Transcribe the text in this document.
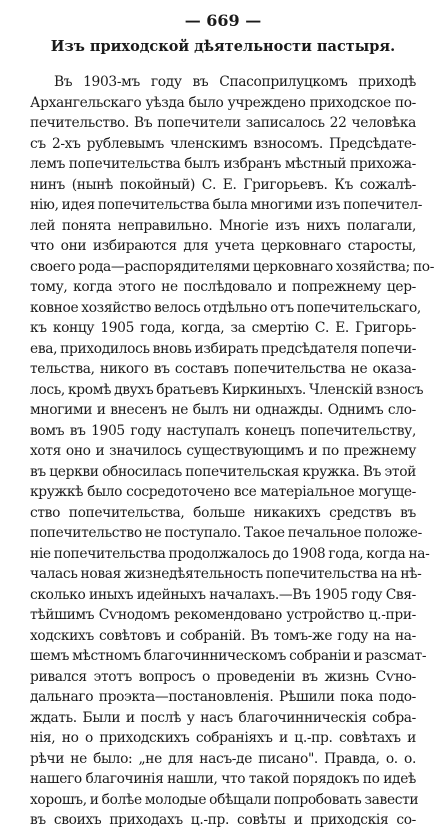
— 669 —
Изъ приходской дѣятельности пастыря.
Въ 1903-мъ году въ Спасоприлуцкомъ приходѣ
Архангельскаго уѣзда было учреждено приходское по-
печительство. Въ попечители записалось 22 человѣка
съ 2-хъ рублевымъ членскимъ взносомъ. Предсѣдате-
лемъ попечительства былъ избранъ мѣстный прихожа-
нинъ (нынѣ покойный) С. Е. Григорьевъ. Къ сожалѣ-
нію, идея попечительства была многими изъ попечител-
лей понята неправильно. Многіе изъ нихъ полагали,
что они избираются для учета церковнаго старосты,
своего рода—распорядителями церковнаго хозяйства; по-
тому, когда этого не послѣдовало и попрежнему цер-
ковное хозяйство велось отдѣльно отъ попечительскаго,
къ концу 1905 года, когда, за смертію С. Е. Григорь-
ева, приходилось вновь избирать предсѣдателя попечи-
тельства, никого въ составъ попечительства не оказа-
лось, кромѣ двухъ братьевъ Киркиныхъ. Членскій взносъ
многими и внесенъ не былъ ни однажды. Однимъ сло-
вомъ въ 1905 году наступалъ конецъ попечительству,
хотя оно и значилось существующимъ и по прежнему
въ церкви обносилась попечительская кружка. Въ этой
кружкѣ было сосредоточено все матеріальное могуще-
ство попечительства, больше никакихъ средствъ въ
попечительство не поступало. Такое печальное положе-
ніе попечительства продолжалось до 1908 года, когда на-
чалась новая жизнедѣятельность попечительства на нѣ-
сколько иныхъ идейныхъ началахъ.—Въ 1905 году Свя-
тѣйшимъ Сѵнодомъ рекомендовано устройство ц.-при-
ходскихъ совѣтовъ и собраній. Въ томъ-же году на на-
шемъ мѣстномъ благочинническомъ собраніи и разсмат-
ривался этотъ вопросъ о проведеніи въ жизнь Сѵно-
дальнаго проэкта—постановленія. Рѣшили пока подо-
ждать. Были и послѣ у насъ благочинническія собра-
нія, но о приходскихъ собраніяхъ и ц.-пр. совѣтахъ и
рѣчи не было: „не для насъ-де писано". Правда, о. о.
нашего благочинія нашли, что такой порядокъ по идеѣ
хорошъ, и болѣе молодые обѣщали попробовать завести
въ своихъ приходахъ ц.-пр. совѣты и приходскія со-
